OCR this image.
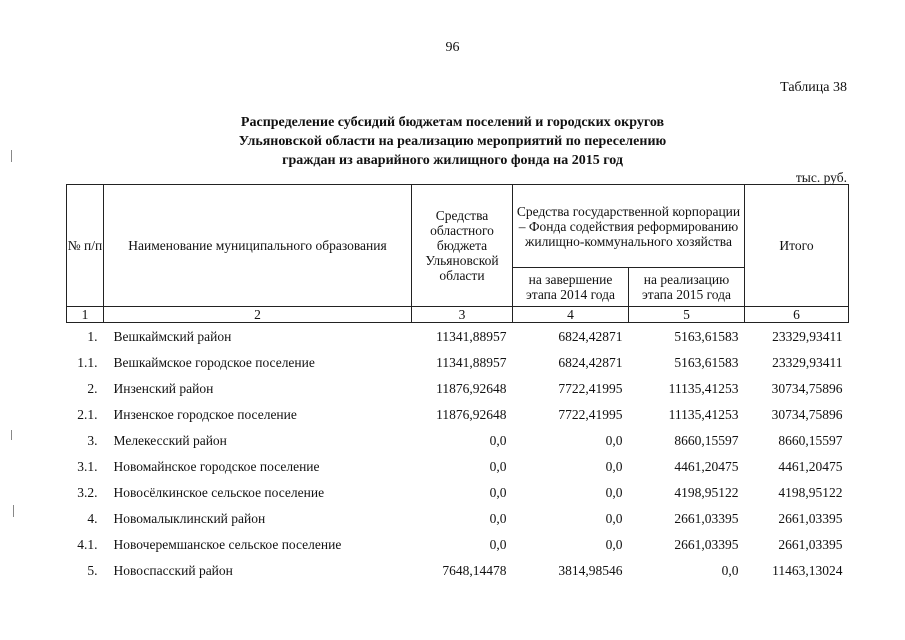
96
Таблица 38
Распределение субсидий бюджетам поселений и городских округов
Ульяновской области на реализацию мероприятий по переселению
граждан из аварийного жилищного фонда на 2015 год
тыс. руб.
№ п/п	Наименование муниципального образования	Средства областного бюджета Ульяновской области	Средства государственной корпорации – Фонда содействия реформированию жилищно-коммунального хозяйства		Итого
			на завершение этапа 2014 года	на реализацию этапа 2015 года	
1	2	3	4	5	6
1.	Вешкаймский район	11341,88957	6824,42871	5163,61583	23329,93411
1.1.	Вешкаймское городское поселение	11341,88957	6824,42871	5163,61583	23329,93411
2.	Инзенский район	11876,92648	7722,41995	11135,41253	30734,75896
2.1.	Инзенское городское поселение	11876,92648	7722,41995	11135,41253	30734,75896
3.	Мелекесский район	0,0	0,0	8660,15597	8660,15597
3.1.	Новомайнское городское поселение	0,0	0,0	4461,20475	4461,20475
3.2.	Новосёлкинское сельское поселение	0,0	0,0	4198,95122	4198,95122
4.	Новомалыклинский район	0,0	0,0	2661,03395	2661,03395
4.1.	Новочеремшанское сельское поселение	0,0	0,0	2661,03395	2661,03395
5.	Новоспасский район	7648,14478	3814,98546	0,0	11463,13024
